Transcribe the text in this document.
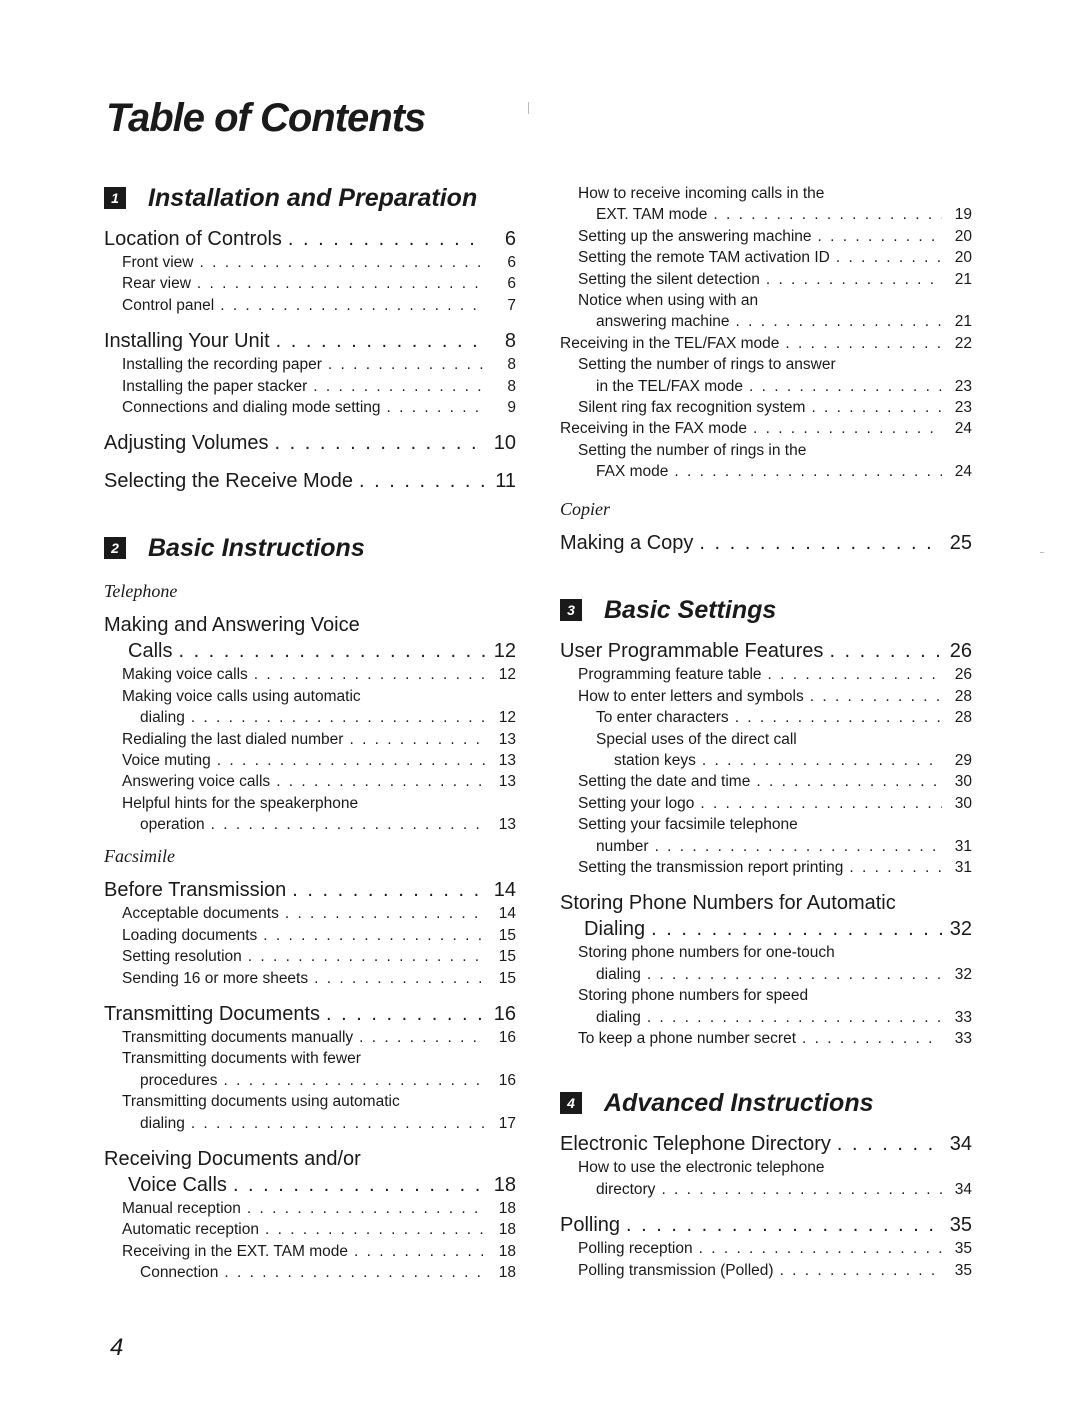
Table of Contents
1 Installation and Preparation
Location of Controls . . .	6
Front view . . .	6
Rear view . . .	6
Control panel . . .	7
Installing Your Unit . . .	8
Installing the recording paper . . .	8
Installing the paper stacker . . .	8
Connections and dialing mode setting . . .	9
Adjusting Volumes . . .	10
Selecting the Receive Mode . . .	11
2 Basic Instructions
Telephone
Making and Answering Voice
Calls . . .	12
Making voice calls . . .	12
Making voice calls using automatic
dialing . . .	12
Redialing the last dialed number . . .	13
Voice muting . . .	13
Answering voice calls . . .	13
Helpful hints for the speakerphone
operation . . .	13
Facsimile
Before Transmission . . .	14
Acceptable documents . . .	14
Loading documents . . .	15
Setting resolution . . .	15
Sending 16 or more sheets . . .	15
Transmitting Documents . . .	16
Transmitting documents manually . . .	16
Transmitting documents with fewer
procedures . . .	16
Transmitting documents using automatic
dialing . . .	17
Receiving Documents and/or
Voice Calls . . .	18
Manual reception . . .	18
Automatic reception . . .	18
Receiving in the EXT. TAM mode . . .	18
Connection . . .	18
How to receive incoming calls in the
EXT. TAM mode . . .	19
Setting up the answering machine . . .	20
Setting the remote TAM activation ID . . .	20
Setting the silent detection . . .	21
Notice when using with an
answering machine . . .	21
Receiving in the TEL/FAX mode . . .	22
Setting the number of rings to answer
in the TEL/FAX mode . . .	23
Silent ring fax recognition system . . .	23
Receiving in the FAX mode . . .	24
Setting the number of rings in the
FAX mode . . .	24
Copier
Making a Copy . . .	25
3 Basic Settings
User Programmable Features . . .	26
Programming feature table . . .	26
How to enter letters and symbols . . .	28
To enter characters . . .	28
Special uses of the direct call
station keys . . .	29
Setting the date and time . . .	30
Setting your logo . . .	30
Setting your facsimile telephone
number . . .	31
Setting the transmission report printing . . .	31
Storing Phone Numbers for Automatic
Dialing . . .	32
Storing phone numbers for one-touch
dialing . . .	32
Storing phone numbers for speed
dialing . . .	33
To keep a phone number secret . . .	33
4 Advanced Instructions
Electronic Telephone Directory . . .	34
How to use the electronic telephone
directory . . .	34
Polling . . .	35
Polling reception . . .	35
Polling transmission (Polled) . . .	35
4
